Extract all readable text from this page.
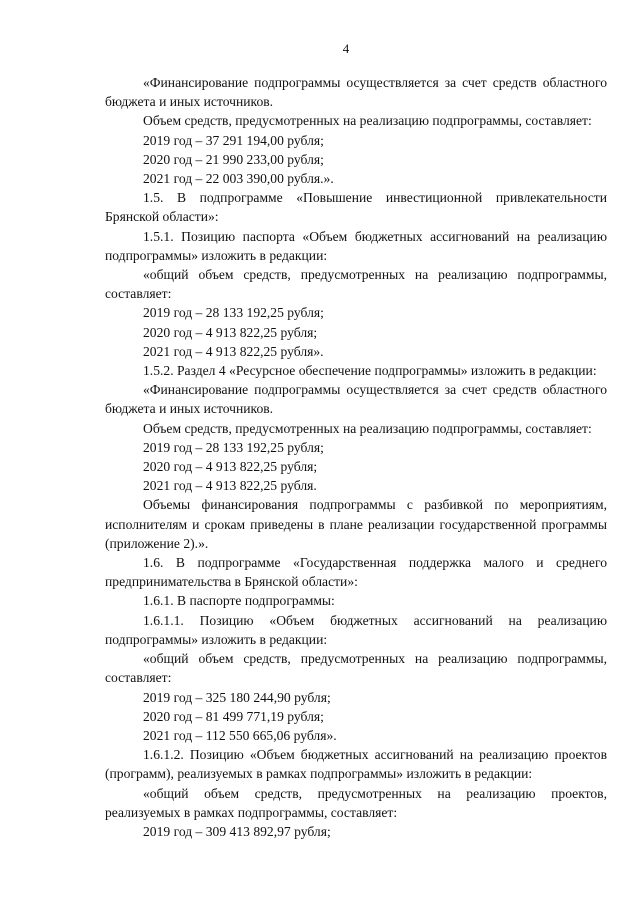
4

«Финансирование подпрограммы осуществляется за счет средств областного бюджета и иных источников.

Объем средств, предусмотренных на реализацию подпрограммы, составляет:

2019 год – 37 291 194,00 рубля;

2020 год – 21 990 233,00 рубля;

2021 год – 22 003 390,00 рубля.».

1.5. В подпрограмме «Повышение инвестиционной привлекательности Брянской области»:

1.5.1. Позицию паспорта «Объем бюджетных ассигнований на реализацию подпрограммы» изложить в редакции:

«общий объем средств, предусмотренных на реализацию подпрограммы, составляет:

2019 год – 28 133 192,25 рубля;

2020 год – 4 913 822,25 рубля;

2021 год – 4 913 822,25 рубля».

1.5.2. Раздел 4 «Ресурсное обеспечение подпрограммы» изложить в редакции:

«Финансирование подпрограммы осуществляется за счет средств областного бюджета и иных источников.

Объем средств, предусмотренных на реализацию подпрограммы, составляет:

2019 год – 28 133 192,25 рубля;

2020 год – 4 913 822,25 рубля;

2021 год – 4 913 822,25 рубля.

Объемы финансирования подпрограммы с разбивкой по мероприятиям, исполнителям и срокам приведены в плане реализации государственной программы (приложение 2).».

1.6. В подпрограмме «Государственная поддержка малого и среднего предпринимательства в Брянской области»:

1.6.1. В паспорте подпрограммы:

1.6.1.1. Позицию «Объем бюджетных ассигнований на реализацию подпрограммы» изложить в редакции:

«общий объем средств, предусмотренных на реализацию подпрограммы, составляет:

2019 год – 325 180 244,90 рубля;

2020 год – 81 499 771,19 рубля;

2021 год – 112 550 665,06 рубля».

1.6.1.2. Позицию «Объем бюджетных ассигнований на реализацию проектов (программ), реализуемых в рамках подпрограммы» изложить в редакции:

«общий объем средств, предусмотренных на реализацию проектов, реализуемых в рамках подпрограммы, составляет:

2019 год – 309 413 892,97 рубля;
